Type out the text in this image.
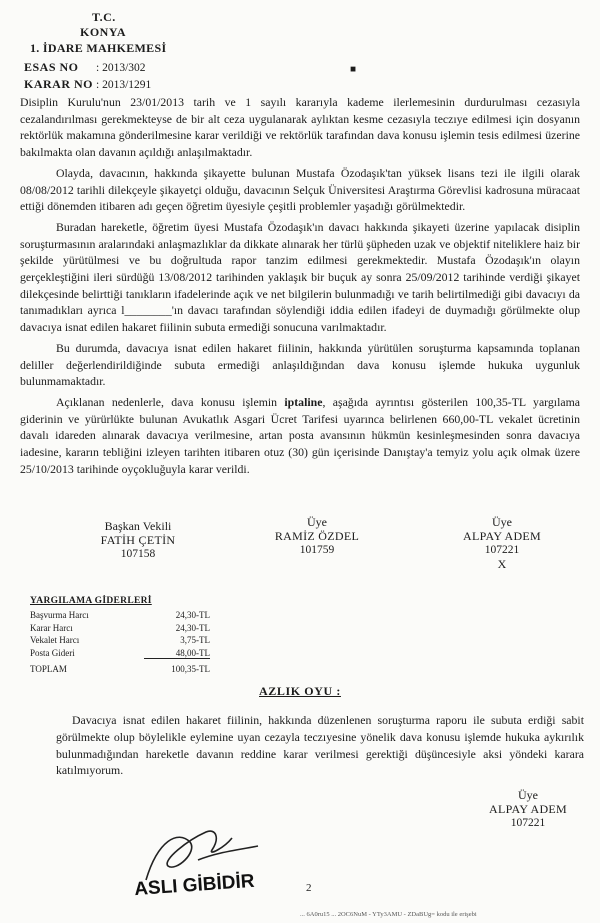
T.C.
KONYA
1. İDARE MAHKEMESİ
ESAS NO : 2013/302
KARAR NO : 2013/1291
■

Disiplin Kurulu'nun 23/01/2013 tarih ve 1 sayılı kararıyla kademe ilerlemesinin durdurulması cezasıyla cezalandırılması gerekmekteyse de bir alt ceza uygulanarak aylıktan kesme cezasıyla teczıye edilmesi için dosyanın rektörlük makamına gönderilmesine karar verildiği ve rektörlük tarafından dava konusu işlemin tesis edilmesi üzerine bakılmakta olan davanın açıldığı anlaşılmaktadır.

Olayda, davacının, hakkında şikayette bulunan Mustafa Özodaşık'tan yüksek lisans tezi ile ilgili olarak 08/08/2012 tarihli dilekçeyle şikayetçi olduğu, davacının Selçuk Üniversitesi Araştırma Görevlisi kadrosuna müracaat ettiği dönemden itibaren adı geçen öğretim üyesiyle çeşitli problemler yaşadığı görülmektedir.

Buradan hareketle, öğretim üyesi Mustafa Özodaşık'ın davacı hakkında şikayeti üzerine yapılacak disiplin soruşturmasının aralarındaki anlaşmazlıklar da dikkate alınarak her türlü şüpheden uzak ve objektif niteliklere haiz bir şekilde yürütülmesi ve bu doğrultuda rapor tanzim edilmesi gerekmektedir. Mustafa Özodaşık'ın olayın gerçekleştiğini ileri sürdüğü 13/08/2012 tarihinden yaklaşık bir buçuk ay sonra 25/09/2012 tarihinde verdiği şikayet dilekçesinde belirttiği tanıkların ifadelerinde açık ve net bilgilerin bulunmadığı ve tarih belirtilmediği gibi davacıyı da tanımadıkları ayrıca l________'ın davacı tarafından söylendiği iddia edilen ifadeyi de duymadığı görülmekte olup davacıya isnat edilen hakaret fiilinin subuta ermediği sonucuna varılmaktadır.

Bu durumda, davacıya isnat edilen hakaret fiilinin, hakkında yürütülen soruşturma kapsamında toplanan deliller değerlendirildiğinde subuta ermediği anlaşıldığından dava konusu işlemde hukuka uygunluk bulunmamaktadır.

Açıklanan nedenlerle, dava konusu işlemin iptaline, aşağıda ayrıntısı gösterilen 100,35-TL yargılama giderinin ve yürürlükte bulunan Avukatlık Asgari Ücret Tarifesi uyarınca belirlenen 660,00-TL vekalet ücretinin davalı idareden alınarak davacıya verilmesine, artan posta avansının hükmün kesinleşmesinden sonra davacıya iadesine, kararın tebliğini izleyen tarihten itibaren otuz (30) gün içerisinde Danıştay'a temyiz yolu açık olmak üzere 25/10/2013 tarihinde oyçokluğuyla karar verildi.

Başkan Vekili
FATİH ÇETİN
107158
Üye
RAMİZ ÖZDEL
101759
Üye
ALPAY ADEM
107221
X
YARGILAMA GİDERLERİ
Başvurma Harcı	24,30-TL
Karar Harcı	24,30-TL
Vekalet Harcı	3,75-TL
Posta Gideri	48,00-TL
TOPLAM	100,35-TL
AZLIK OYU :

Davacıya isnat edilen hakaret fiilinin, hakkında düzenlenen soruşturma raporu ile subuta erdiği sabit görülmekte olup böylelikle eylemine uyan cezayla teczıyesine yönelik dava konusu işlemde hukuka aykırılık bulunmadığından hareketle davanın reddine karar verilmesi gerektiği düşüncesiyle aksi yöndeki karara katılmıyorum.

Üye
ALPAY ADEM
107221
ASLI GİBİDİR	2
... 6A0ru15 ... 2OC6NuM - YTy3AMU - ZDaBUg= kodu ile erişebi
